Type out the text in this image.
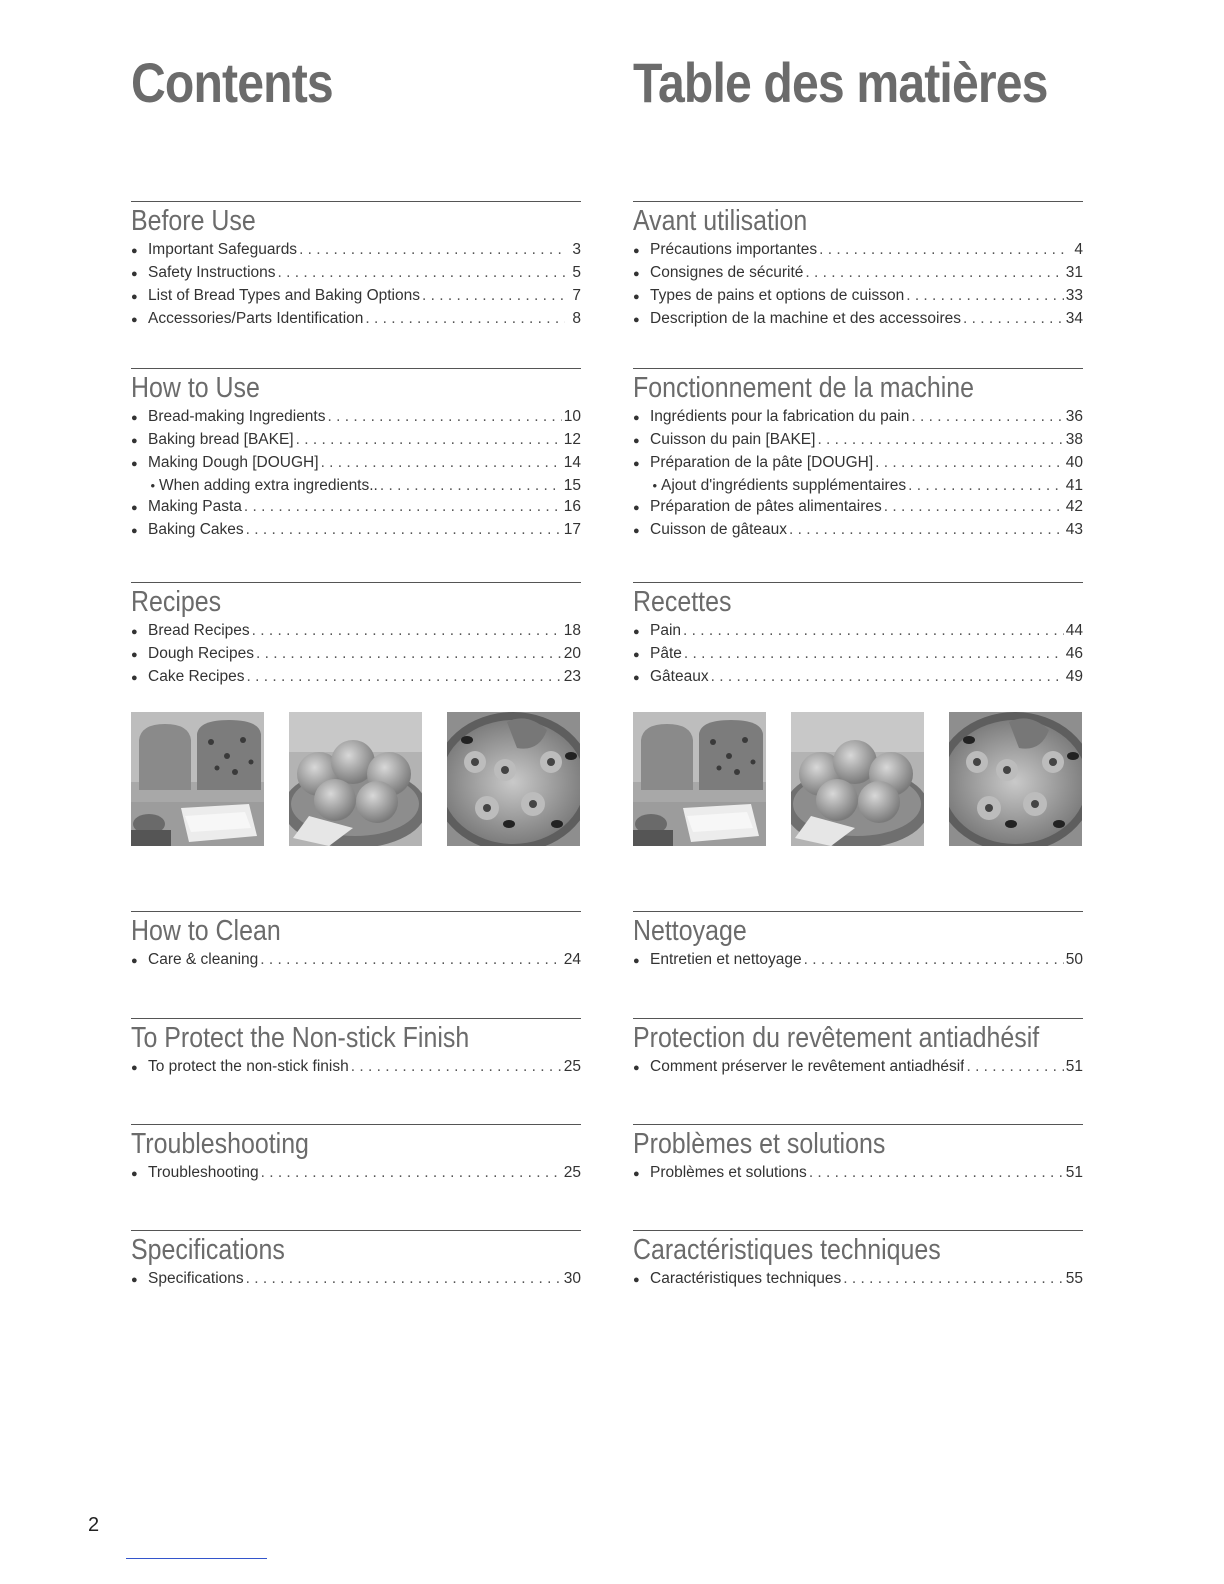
Contents
Before Use
● Important Safeguards . . .	3
● Safety Instructions . . .	5
● List of Bread Types and Baking Options . . .	7
● Accessories/Parts Identification . . .	8
How to Use
● Bread-making Ingredients . . .	10
● Baking bread [BAKE] . . .	12
● Making Dough [DOUGH] . . .	14
• When adding extra ingredients.. . . .	15
● Making Pasta . . .	16
● Baking Cakes . . .	17
Recipes
● Bread Recipes . . .	18
● Dough Recipes . . .	20
● Cake Recipes . . .	23
How to Clean
● Care & cleaning . . .	24
To Protect the Non-stick Finish
● To protect the non-stick finish . . .	25
Troubleshooting
● Troubleshooting . . .	25
Specifications
● Specifications . . .	30
Table des matières
Avant utilisation
● Précautions importantes . . .	4
● Consignes de sécurité . . .	31
● Types de pains et options de cuisson . . .	33
● Description de la machine et des accessoires . . .	34
Fonctionnement de la machine
● Ingrédients pour la fabrication du pain . . .	36
● Cuisson du pain [BAKE] . . .	38
● Préparation de la pâte [DOUGH] . . .	40
• Ajout d'ingrédients supplémentaires . . .	41
● Préparation de pâtes alimentaires . . .	42
● Cuisson de gâteaux . . .	43
Recettes
● Pain . . .	44
● Pâte . . .	46
● Gâteaux . . .	49
Nettoyage
● Entretien et nettoyage . . .	50
Protection du revêtement antiadhésif
● Comment préserver le revêtement antiadhésif . . .	51
Problèmes et solutions
● Problèmes et solutions . . .	51
Caractéristiques techniques
● Caractéristiques techniques . . .	55
2
